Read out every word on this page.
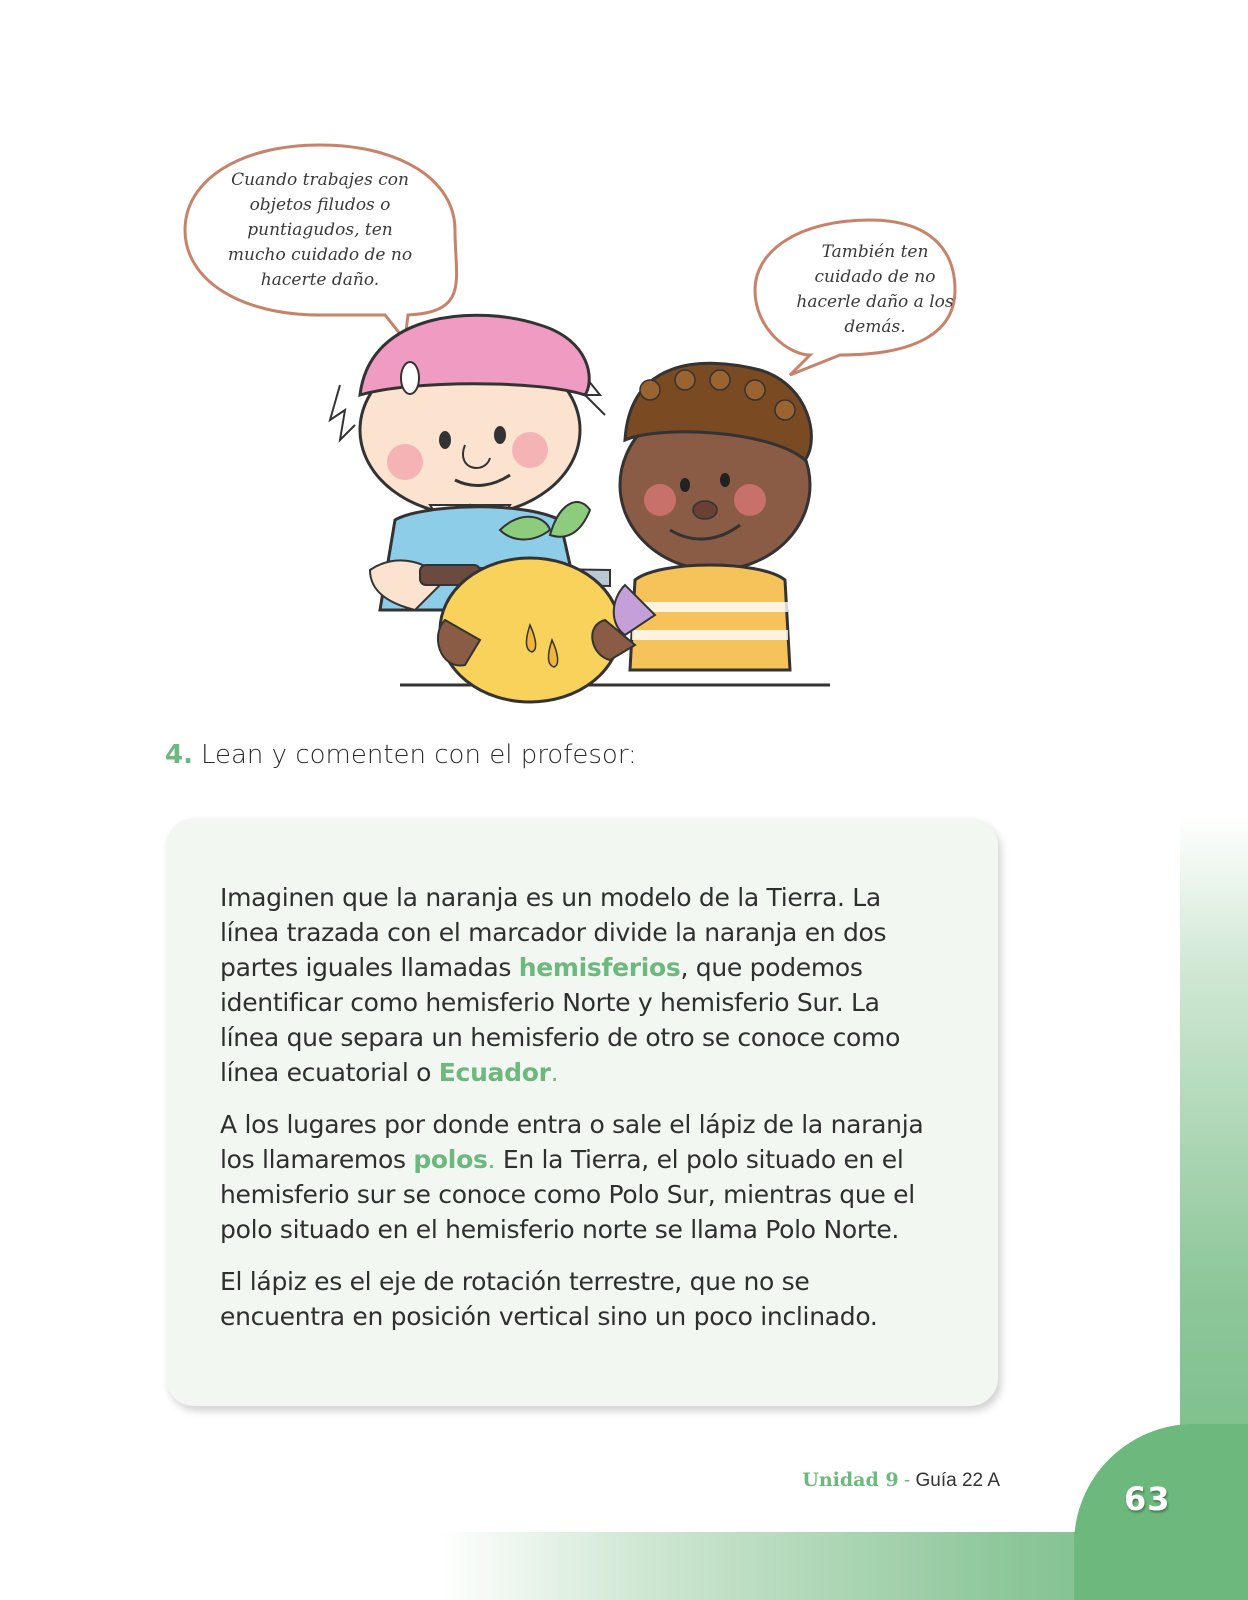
Cuando trabajes con objetos filudos o puntiagudos, ten mucho cuidado de no hacerte daño.
También ten cuidado de no hacerle daño a los demás.
4. Lean y comenten con el profesor:

Imaginen que la naranja es un modelo de la Tierra. La línea trazada con el marcador divide la naranja en dos partes iguales llamadas hemisferios, que podemos identificar como hemisferio Norte y hemisferio Sur. La línea que separa un hemisferio de otro se conoce como línea ecuatorial o Ecuador.

A los lugares por donde entra o sale el lápiz de la naranja los llamaremos polos. En la Tierra, el polo situado en el hemisferio sur se conoce como Polo Sur, mientras que el polo situado en el hemisferio norte se llama Polo Norte.

El lápiz es el eje de rotación terrestre, que no se encuentra en posición vertical sino un poco inclinado.

Unidad 9 - Guía 22 A	63
